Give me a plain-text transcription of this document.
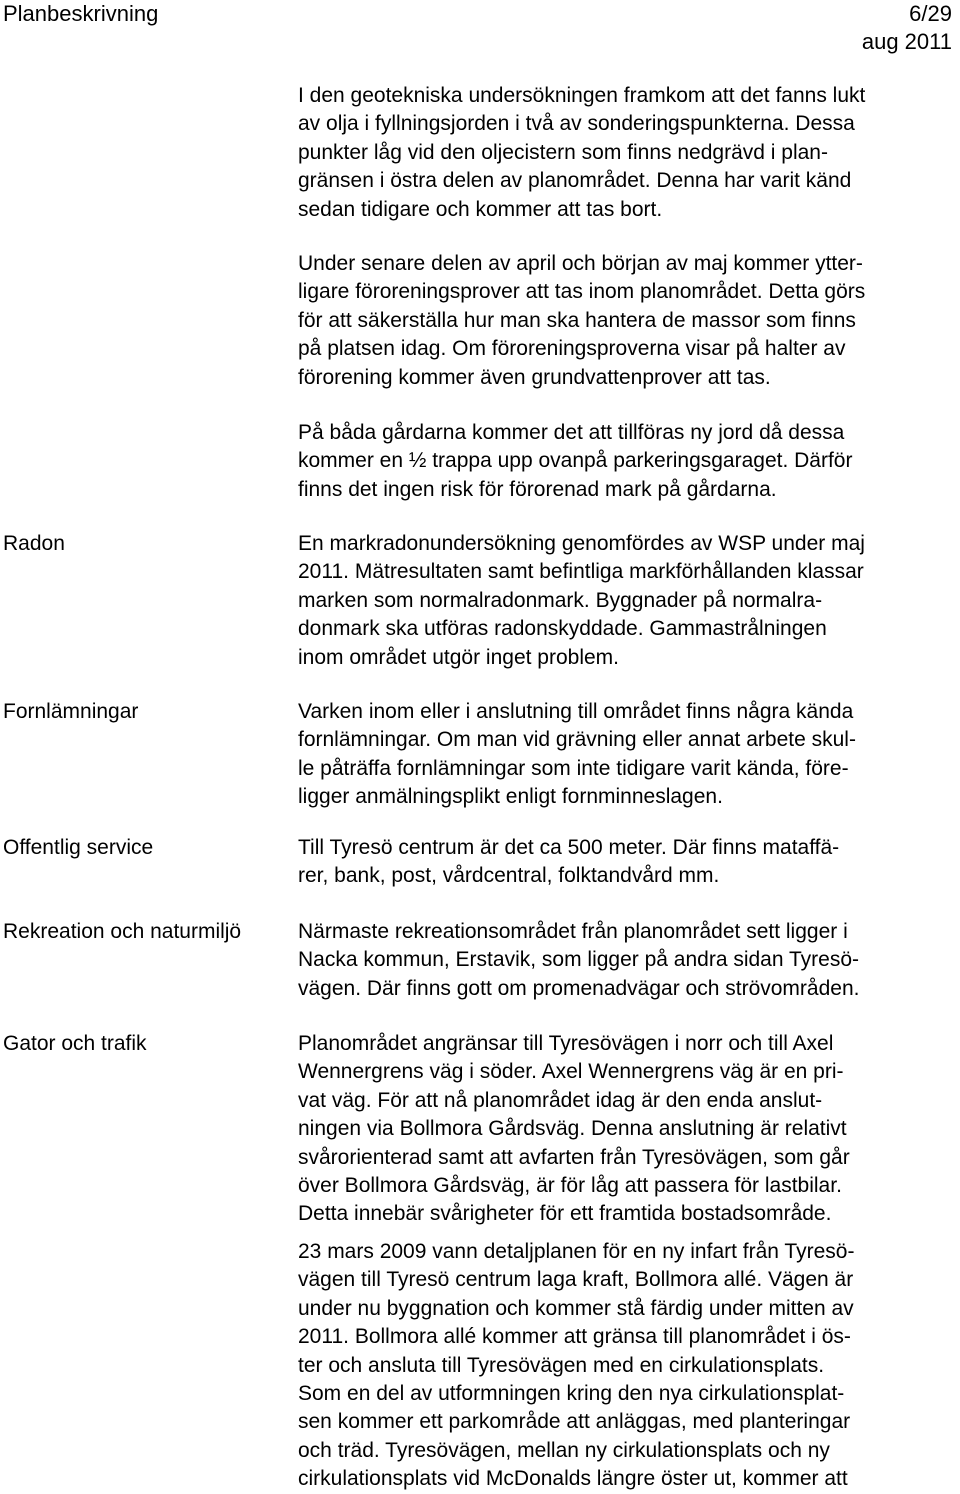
Planbeskrivning	6/29
aug 2011

I den geotekniska undersökningen framkom att det fanns lukt
av olja i fyllningsjorden i två av sonderingspunkterna. Dessa
punkter låg vid den oljecistern som finns nedgrävd i plan-
gränsen i östra delen av planområdet. Denna har varit känd
sedan tidigare och kommer att tas bort.

Under senare delen av april och början av maj kommer ytter-
ligare föroreningsprover att tas inom planområdet. Detta görs
för att säkerställa hur man ska hantera de massor som finns
på platsen idag. Om föroreningsproverna visar på halter av
förorening kommer även grundvattenprover att tas.

På båda gårdarna kommer det att tillföras ny jord då dessa
kommer en ½ trappa upp ovanpå parkeringsgaraget. Därför
finns det ingen risk för förorenad mark på gårdarna.

Radon	En markradonundersökning genomfördes av WSP under maj
2011. Mätresultaten samt befintliga markförhållanden klassar
marken som normalradonmark. Byggnader på normalra-
donmark ska utföras radonskyddade. Gammastrålningen
inom området utgör inget problem.

Fornlämningar	Varken inom eller i anslutning till området finns några kända
fornlämningar. Om man vid grävning eller annat arbete skul-
le påträffa fornlämningar som inte tidigare varit kända, före-
ligger anmälningsplikt enligt fornminneslagen.

Offentlig service	Till Tyresö centrum är det ca 500 meter. Där finns mataffä-
rer, bank, post, vårdcentral, folktandvård mm.

Rekreation och naturmiljö	Närmaste rekreationsområdet från planområdet sett ligger i
Nacka kommun, Erstavik, som ligger på andra sidan Tyresö-
vägen. Där finns gott om promenadvägar och strövområden.

Gator och trafik	Planområdet angränsar till Tyresövägen i norr och till Axel
Wennergrens väg i söder. Axel Wennergrens väg är en pri-
vat väg. För att nå planområdet idag är den enda anslut-
ningen via Bollmora Gårdsväg. Denna anslutning är relativt
svårorienterad samt att avfarten från Tyresövägen, som går
över Bollmora Gårdsväg, är för låg att passera för lastbilar.
Detta innebär svårigheter för ett framtida bostadsområde.

23 mars 2009 vann detaljplanen för en ny infart från Tyresö-
vägen till Tyresö centrum laga kraft, Bollmora allé. Vägen är
under nu byggnation och kommer stå färdig under mitten av
2011. Bollmora allé kommer att gränsa till planområdet i ös-
ter och ansluta till Tyresövägen med en cirkulationsplats.
Som en del av utformningen kring den nya cirkulationsplat-
sen kommer ett parkområde att anläggas, med planteringar
och träd. Tyresövägen, mellan ny cirkulationsplats och ny
cirkulationsplats vid McDonalds längre öster ut, kommer att
